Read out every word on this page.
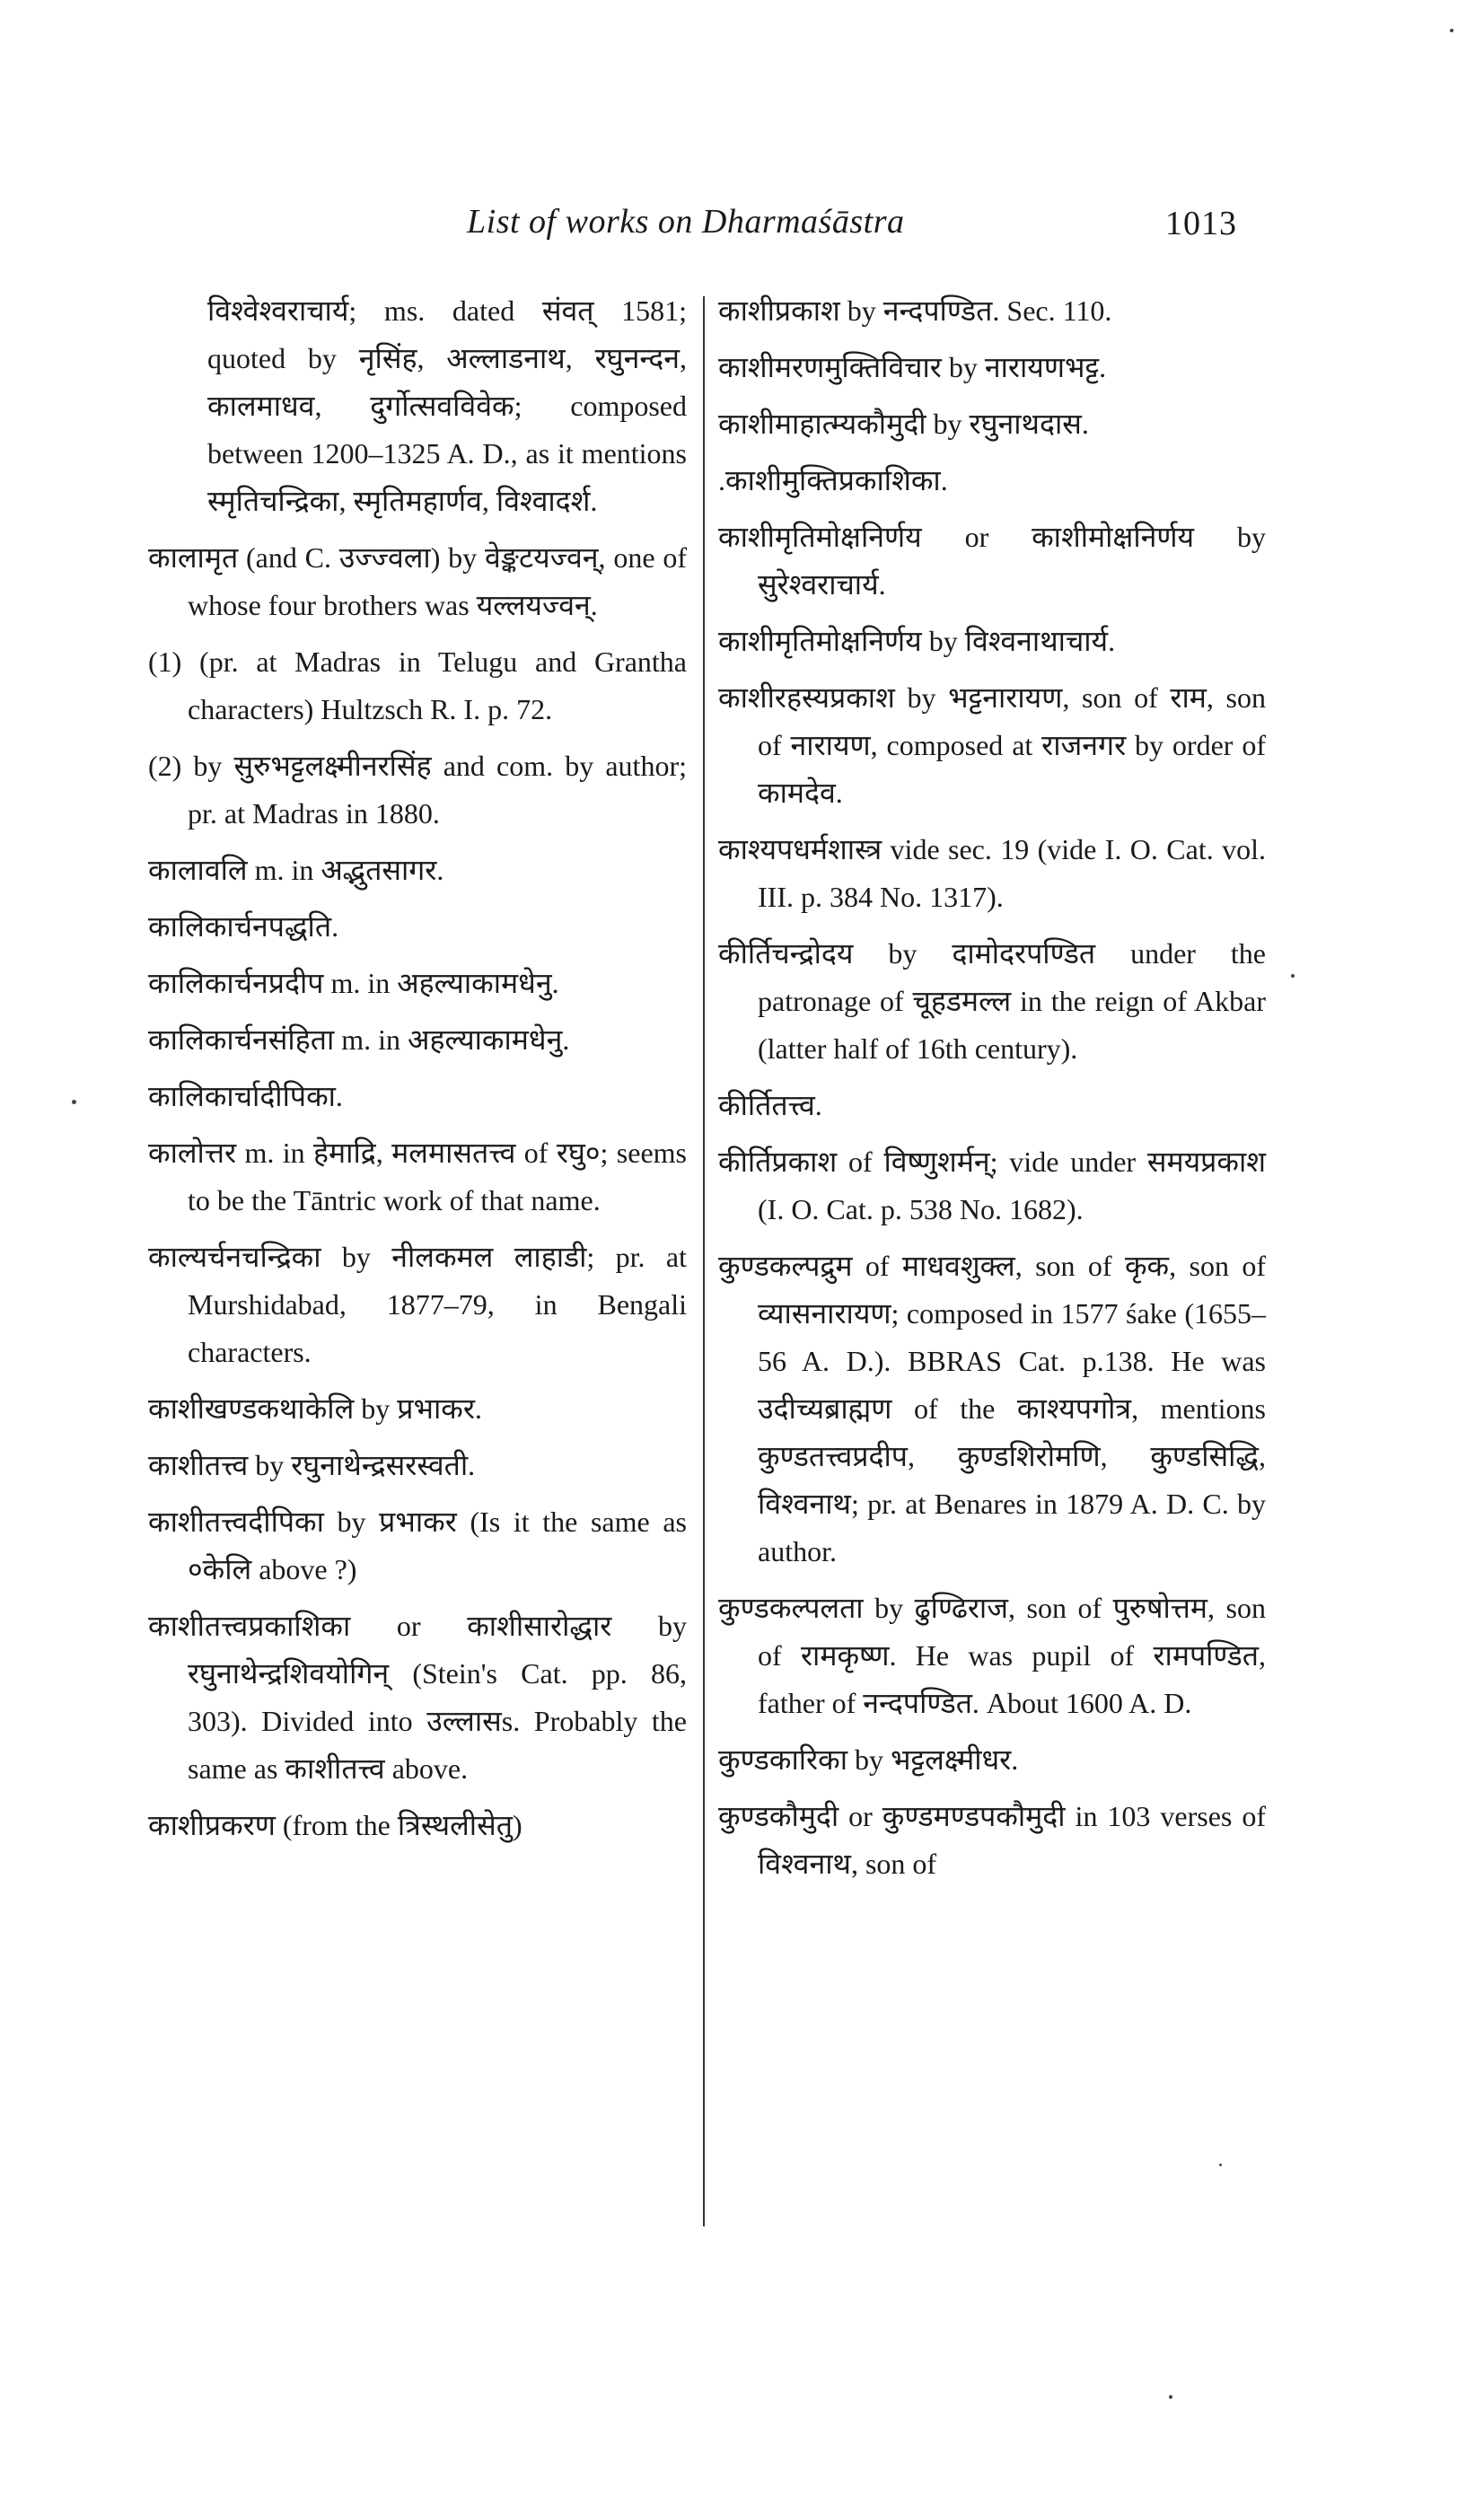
List of works on Dharmaśāstra	1013

विश्वेश्वराचार्य; ms. dated संवत् 1581; quoted by नृसिंह, अल्लाडनाथ, रघुनन्दन, कालमाधव, दुर्गोत्सवविवेक; composed between 1200–1325 A. D., as it mentions स्मृतिचन्द्रिका, स्मृतिमहार्णव, विश्वादर्श.

कालामृत (and C. उज्ज्वला) by वेङ्कटयज्वन्, one of whose four brothers was यल्लयज्वन्.

(1) (pr. at Madras in Telugu and Grantha characters) Hultzsch R. I. p. 72.

(2) by सुरुभट्टलक्ष्मीनरसिंह and com. by author; pr. at Madras in 1880.

कालावलि m. in अद्भुतसागर.

कालिकार्चनपद्धति.

कालिकार्चनप्रदीप m. in अहल्याकामधेनु.

कालिकार्चनसंहिता m. in अहल्याकामधेनु.

कालिकार्चादीपिका.

कालोत्तर m. in हेमाद्रि, मलमासतत्त्व of रघु०; seems to be the Tāntric work of that name.

काल्यर्चनचन्द्रिका by नीलकमल लाहाडी; pr. at Murshidabad, 1877–79, in Bengali characters.

काशीखण्डकथाकेलि by प्रभाकर.

काशीतत्त्व by रघुनाथेन्द्रसरस्वती.

काशीतत्त्वदीपिका by प्रभाकर (Is it the same as ०केलि above ?)

काशीतत्त्वप्रकाशिका or काशीसारोद्धार by रघुनाथेन्द्रशिवयोगिन् (Stein's Cat. pp. 86, 303). Divided into उल्लासs. Probably the same as काशीतत्त्व above.

काशीप्रकरण (from the त्रिस्थलीसेतु)

काशीप्रकाश by नन्दपण्डित. Sec. 110.

काशीमरणमुक्तिविचार by नारायणभट्ट.

काशीमाहात्म्यकौमुदी by रघुनाथदास.

.काशीमुक्तिप्रकाशिका.

काशीमृतिमोक्षनिर्णय or काशीमोक्षनिर्णय by सुरेश्वराचार्य.

काशीमृतिमोक्षनिर्णय by विश्वनाथाचार्य.

काशीरहस्यप्रकाश by भट्टनारायण, son of राम, son of नारायण, composed at राजनगर by order of कामदेव.

काश्यपधर्मशास्त्र vide sec. 19 (vide I. O. Cat. vol. III. p. 384 No. 1317).

कीर्तिचन्द्रोदय by दामोदरपण्डित under the patronage of चूहडमल्ल in the reign of Akbar (latter half of 16th century).

कीर्तितत्त्व.

कीर्तिप्रकाश of विष्णुशर्मन्; vide under समयप्रकाश (I. O. Cat. p. 538 No. 1682).

कुण्डकल्पद्रुम of माधवशुक्ल, son of कृक, son of व्यासनारायण; composed in 1577 śake (1655–56 A. D.). BBRAS Cat. p.138. He was उदीच्यब्राह्मण of the काश्यपगोत्र, mentions कुण्डतत्त्वप्रदीप, कुण्डशिरोमणि, कुण्डसिद्धि, विश्वनाथ; pr. at Benares in 1879 A. D. C. by author.

कुण्डकल्पलता by ढुण्ढिराज, son of पुरुषोत्तम, son of रामकृष्ण. He was pupil of रामपण्डित, father of नन्दपण्डित. About 1600 A. D.

कुण्डकारिका by भट्टलक्ष्मीधर.

कुण्डकौमुदी or कुण्डमण्डपकौमुदी in 103 verses of विश्वनाथ, son of
